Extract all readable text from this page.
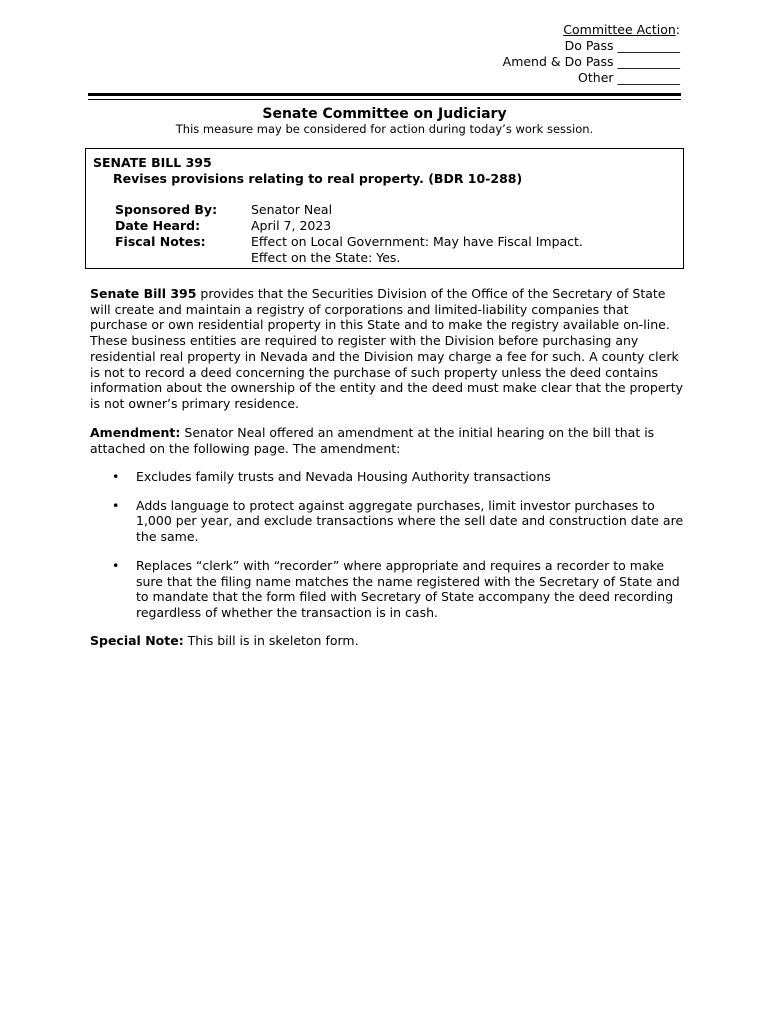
Committee Action:
Do Pass __________
Amend & Do Pass __________
Other __________
Senate Committee on Judiciary
This measure may be considered for action during today’s work session.
SENATE BILL 395
Revises provisions relating to real property. (BDR 10-288)
Sponsored By:	Senator Neal
Date Heard:	April 7, 2023
Fiscal Notes:	Effect on Local Government: May have Fiscal Impact.
Effect on the State: Yes.
Senate Bill 395 provides that the Securities Division of the Office of the Secretary of State will create and maintain a registry of corporations and limited-liability companies that purchase or own residential property in this State and to make the registry available on-line. These business entities are required to register with the Division before purchasing any residential real property in Nevada and the Division may charge a fee for such. A county clerk is not to record a deed concerning the purchase of such property unless the deed contains information about the ownership of the entity and the deed must make clear that the property is not owner’s primary residence.
Amendment: Senator Neal offered an amendment at the initial hearing on the bill that is attached on the following page. The amendment:
• Excludes family trusts and Nevada Housing Authority transactions
• Adds language to protect against aggregate purchases, limit investor purchases to 1,000 per year, and exclude transactions where the sell date and construction date are the same.
• Replaces “clerk” with “recorder” where appropriate and requires a recorder to make sure that the filing name matches the name registered with the Secretary of State and to mandate that the form filed with Secretary of State accompany the deed recording regardless of whether the transaction is in cash.
Special Note: This bill is in skeleton form.
